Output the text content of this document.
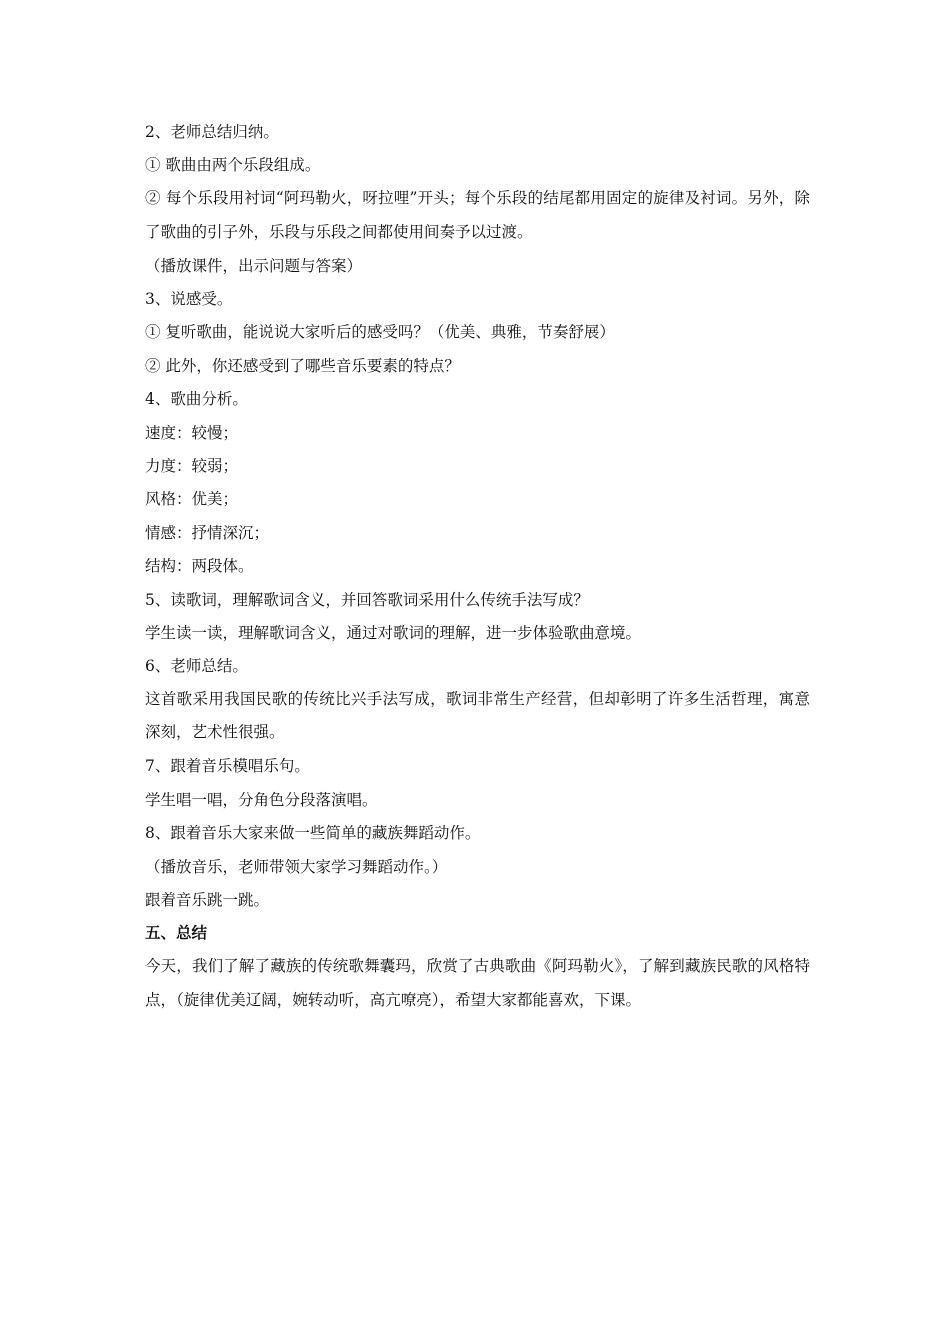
2、老师总结归纳。
① 歌曲由两个乐段组成。
② 每个乐段用衬词“阿玛勒火，呀拉哩”开头；每个乐段的结尾都用固定的旋律及衬词。另外，除了歌曲的引子外，乐段与乐段之间都使用间奏予以过渡。
（播放课件，出示问题与答案）
3、说感受。
① 复听歌曲，能说说大家听后的感受吗？（优美、典雅，节奏舒展）
② 此外，你还感受到了哪些音乐要素的特点？
4、歌曲分析。
速度：较慢；
力度：较弱；
风格：优美；
情感：抒情深沉；
结构：两段体。
5、读歌词，理解歌词含义，并回答歌词采用什么传统手法写成？
学生读一读，理解歌词含义，通过对歌词的理解，进一步体验歌曲意境。
6、老师总结。
这首歌采用我国民歌的传统比兴手法写成，歌词非常生产经营，但却彰明了许多生活哲理，寓意深刻，艺术性很强。
7、跟着音乐模唱乐句。
学生唱一唱，分角色分段落演唱。
8、跟着音乐大家来做一些简单的藏族舞蹈动作。
（播放音乐，老师带领大家学习舞蹈动作。）
跟着音乐跳一跳。
五、总结
今天，我们了解了藏族的传统歌舞囊玛，欣赏了古典歌曲《阿玛勒火》，了解到藏族民歌的风格特点，（旋律优美辽阔，婉转动听，高亢嘹亮），希望大家都能喜欢，下课。
